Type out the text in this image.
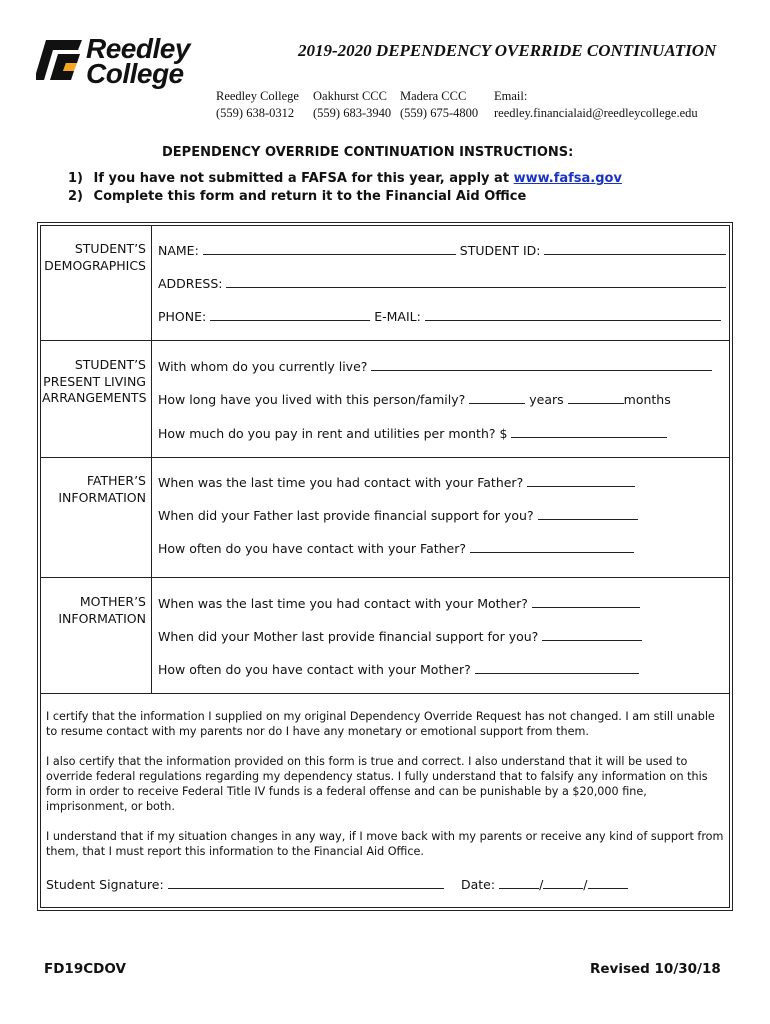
Reedley
College
2019-2020 DEPENDENCY OVERRIDE CONTINUATION
Reedley College
(559) 638-0312
Oakhurst CCC
(559) 683-3940
Madera CCC
(559) 675-4800
Email:
reedley.financialaid@reedleycollege.edu
DEPENDENCY OVERRIDE CONTINUATION INSTRUCTIONS:
1) If you have not submitted a FAFSA for this year, apply at www.fafsa.gov
2) Complete this form and return it to the Financial Aid Office
STUDENT’S DEMOGRAPHICS
NAME:	STUDENT ID:
ADDRESS:
PHONE:	E-MAIL:
STUDENT’S PRESENT LIVING ARRANGEMENTS
With whom do you currently live?
How long have you lived with this person/family?	years	months
How much do you pay in rent and utilities per month? $
FATHER’S INFORMATION
When was the last time you had contact with your Father?
When did your Father last provide financial support for you?
How often do you have contact with your Father?
MOTHER’S INFORMATION
When was the last time you had contact with your Mother?
When did your Mother last provide financial support for you?
How often do you have contact with your Mother?
I certify that the information I supplied on my original Dependency Override Request has not changed. I am still unable to resume contact with my parents nor do I have any monetary or emotional support from them.
I also certify that the information provided on this form is true and correct. I also understand that it will be used to override federal regulations regarding my dependency status. I fully understand that to falsify any information on this form in order to receive Federal Title IV funds is a federal offense and can be punishable by a $20,000 fine, imprisonment, or both.
I understand that if my situation changes in any way, if I move back with my parents or receive any kind of support from them, that I must report this information to the Financial Aid Office.
Student Signature:	Date:	/	/
FD19CDOV	Revised 10/30/18
